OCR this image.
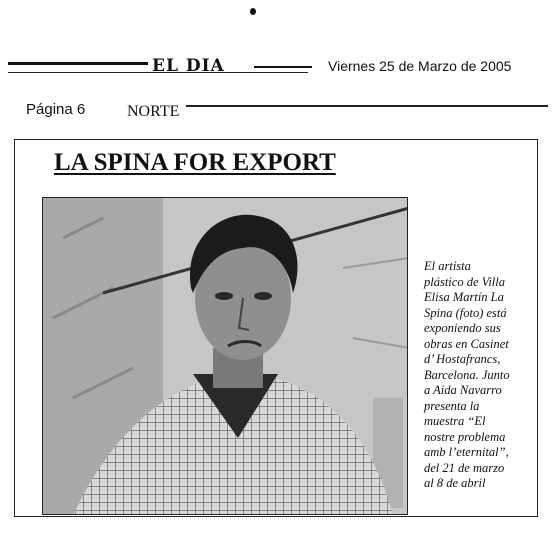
EL DIA	Viernes 25 de Marzo de 2005
Página 6	NORTE
LA SPINA FOR EXPORT
El artista
plástico de Villa
Elisa Martín La
Spina (foto) está
exponiendo sus
obras en Casinet
d’ Hostafrancs,
Barcelona. Junto
a Aida Navarro
presenta la
muestra “El
nostre problema
amb l’eternital”,
del 21 de marzo
al 8 de abril
